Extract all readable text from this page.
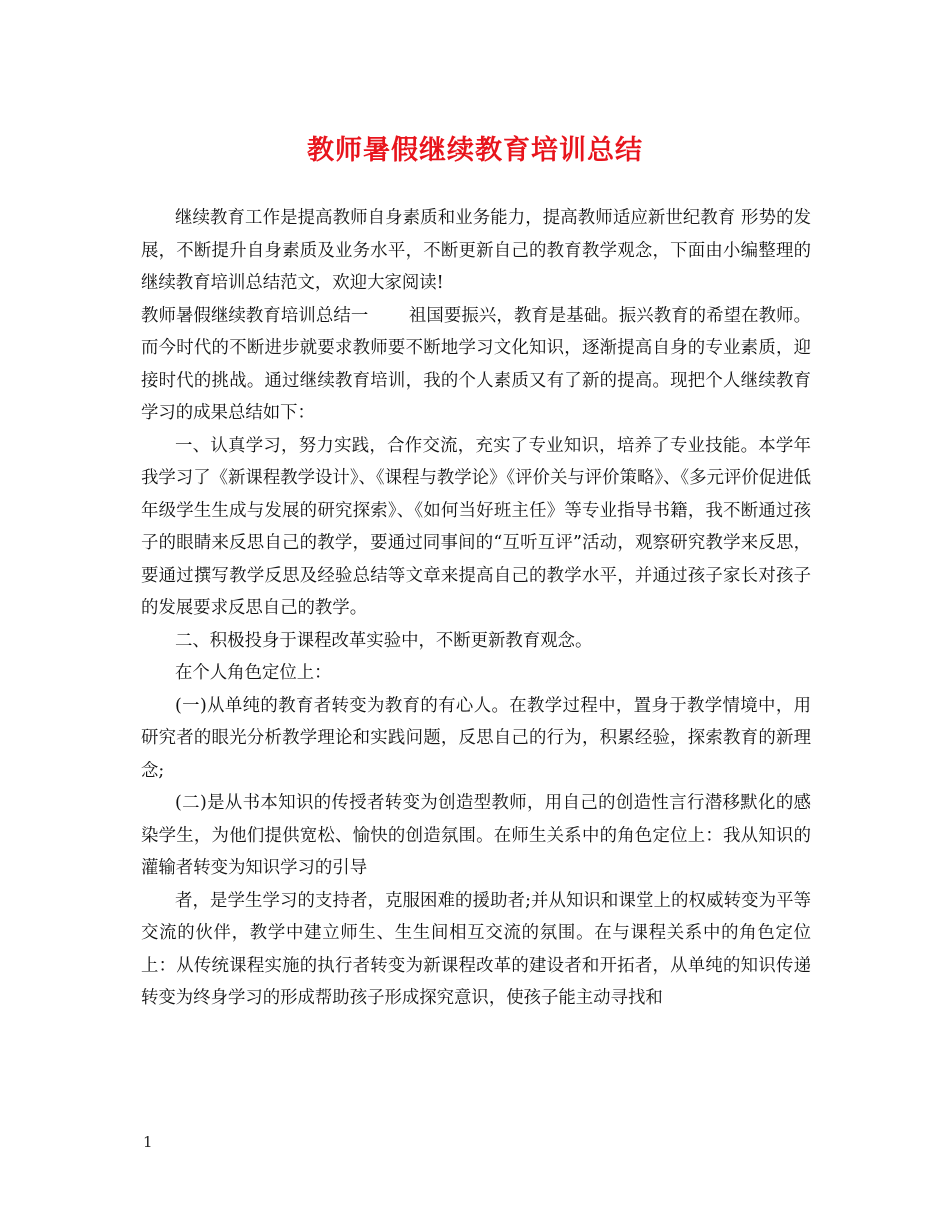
教师暑假继续教育培训总结

继续教育工作是提高教师自身素质和业务能力，提高教师适应新世纪教育 形势的发展，不断提升自身素质及业务水平，不断更新自己的教育教学观念，下面由小编整理的继续教育培训总结范文，欢迎大家阅读!

教师暑假继续教育培训总结一　　 祖国要振兴，教育是基础。振兴教育的希望在教师。而今时代的不断进步就要求教师要不断地学习文化知识，逐渐提高自身的专业素质，迎接时代的挑战。通过继续教育培训，我的个人素质又有了新的提高。现把个人继续教育学习的成果总结如下：

一、认真学习，努力实践，合作交流，充实了专业知识，培养了专业技能。本学年我学习了《新课程教学设计》、《课程与教学论》《评价关与评价策略》、《多元评价促进低年级学生生成与发展的研究探索》、《如何当好班主任》等专业指导书籍，我不断通过孩子的眼睛来反思自己的教学，要通过同事间的“互听互评”活动，观察研究教学来反思，要通过撰写教学反思及经验总结等文章来提高自己的教学水平，并通过孩子家长对孩子的发展要求反思自己的教学。

二、积极投身于课程改革实验中，不断更新教育观念。

在个人角色定位上：

(一)从单纯的教育者转变为教育的有心人。在教学过程中，置身于教学情境中，用研究者的眼光分析教学理论和实践问题，反思自己的行为，积累经验，探索教育的新理念;

(二)是从书本知识的传授者转变为创造型教师，用自己的创造性言行潜移默化的感染学生，为他们提供宽松、愉快的创造氛围。在师生关系中的角色定位上：我从知识的灌输者转变为知识学习的引导

者，是学生学习的支持者，克服困难的援助者;并从知识和课堂上的权威转变为平等交流的伙伴，教学中建立师生、生生间相互交流的氛围。在与课程关系中的角色定位上：从传统课程实施的执行者转变为新课程改革的建设者和开拓者，从单纯的知识传递转变为终身学习的形成帮助孩子形成探究意识，使孩子能主动寻找和

1
